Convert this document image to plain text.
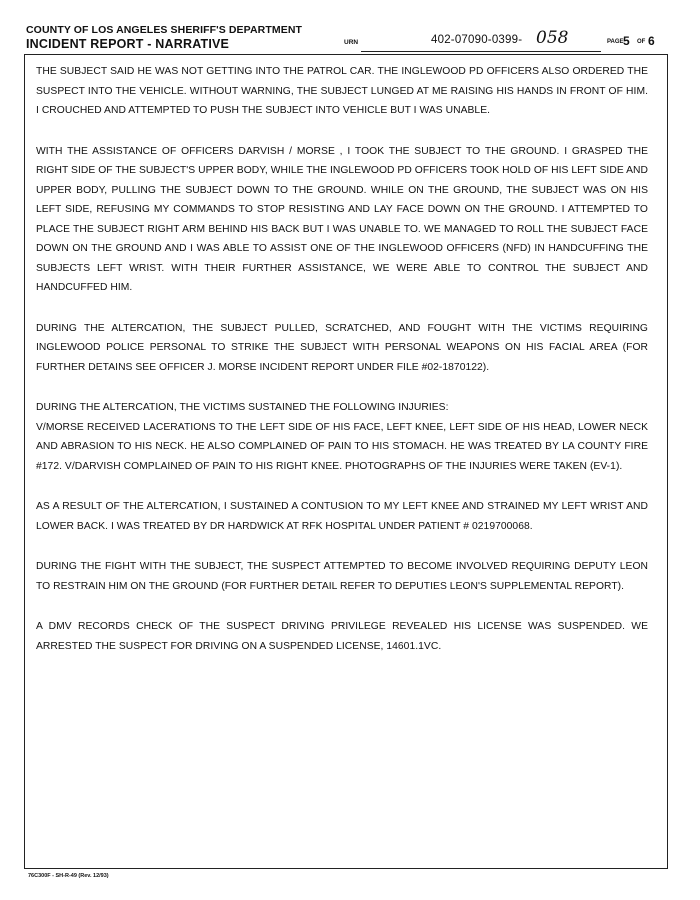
COUNTY OF LOS ANGELES SHERIFF'S DEPARTMENT
INCIDENT REPORT - NARRATIVE	URN	402-07090-0399- 058	PAGE 5 OF 6

THE SUBJECT SAID HE WAS NOT GETTING INTO THE PATROL CAR. THE INGLEWOOD PD OFFICERS ALSO ORDERED THE SUSPECT INTO THE VEHICLE. WITHOUT WARNING, THE SUBJECT LUNGED AT ME RAISING HIS HANDS IN FRONT OF HIM. I CROUCHED AND ATTEMPTED TO PUSH THE SUBJECT INTO VEHICLE BUT I WAS UNABLE.

WITH THE ASSISTANCE OF OFFICERS DARVISH / MORSE , I TOOK THE SUBJECT TO THE GROUND. I GRASPED THE RIGHT SIDE OF THE SUBJECT'S UPPER BODY, WHILE THE INGLEWOOD PD OFFICERS TOOK HOLD OF HIS LEFT SIDE AND UPPER BODY, PULLING THE SUBJECT DOWN TO THE GROUND. WHILE ON THE GROUND, THE SUBJECT WAS ON HIS LEFT SIDE, REFUSING MY COMMANDS TO STOP RESISTING AND LAY FACE DOWN ON THE GROUND. I ATTEMPTED TO PLACE THE SUBJECT RIGHT ARM BEHIND HIS BACK BUT I WAS UNABLE TO. WE MANAGED TO ROLL THE SUBJECT FACE DOWN ON THE GROUND AND I WAS ABLE TO ASSIST ONE OF THE INGLEWOOD OFFICERS (NFD) IN HANDCUFFING THE SUBJECTS LEFT WRIST. WITH THEIR FURTHER ASSISTANCE, WE WERE ABLE TO CONTROL THE SUBJECT AND HANDCUFFED HIM.

DURING THE ALTERCATION, THE SUBJECT PULLED, SCRATCHED, AND FOUGHT WITH THE VICTIMS REQUIRING INGLEWOOD POLICE PERSONAL TO STRIKE THE SUBJECT WITH PERSONAL WEAPONS ON HIS FACIAL AREA (FOR FURTHER DETAINS SEE OFFICER J. MORSE INCIDENT REPORT UNDER FILE #02-1870122).

DURING THE ALTERCATION, THE VICTIMS SUSTAINED THE FOLLOWING INJURIES:

V/MORSE RECEIVED LACERATIONS TO THE LEFT SIDE OF HIS FACE, LEFT KNEE, LEFT SIDE OF HIS HEAD, LOWER NECK AND ABRASION TO HIS NECK. HE ALSO COMPLAINED OF PAIN TO HIS STOMACH. HE WAS TREATED BY LA COUNTY FIRE #172. V/DARVISH COMPLAINED OF PAIN TO HIS RIGHT KNEE. PHOTOGRAPHS OF THE INJURIES WERE TAKEN (EV-1).

AS A RESULT OF THE ALTERCATION, I SUSTAINED A CONTUSION TO MY LEFT KNEE AND STRAINED MY LEFT WRIST AND LOWER BACK. I WAS TREATED BY DR HARDWICK AT RFK HOSPITAL UNDER PATIENT # 0219700068.

DURING THE FIGHT WITH THE SUBJECT, THE SUSPECT ATTEMPTED TO BECOME INVOLVED REQUIRING DEPUTY LEON TO RESTRAIN HIM ON THE GROUND (FOR FURTHER DETAIL REFER TO DEPUTIES LEON'S SUPPLEMENTAL REPORT).

A DMV RECORDS CHECK OF THE SUSPECT DRIVING PRIVILEGE REVEALED HIS LICENSE WAS SUSPENDED. WE ARRESTED THE SUSPECT FOR DRIVING ON A SUSPENDED LICENSE, 14601.1VC.

76C300F - SH-R-49 (Rev. 12/93)
